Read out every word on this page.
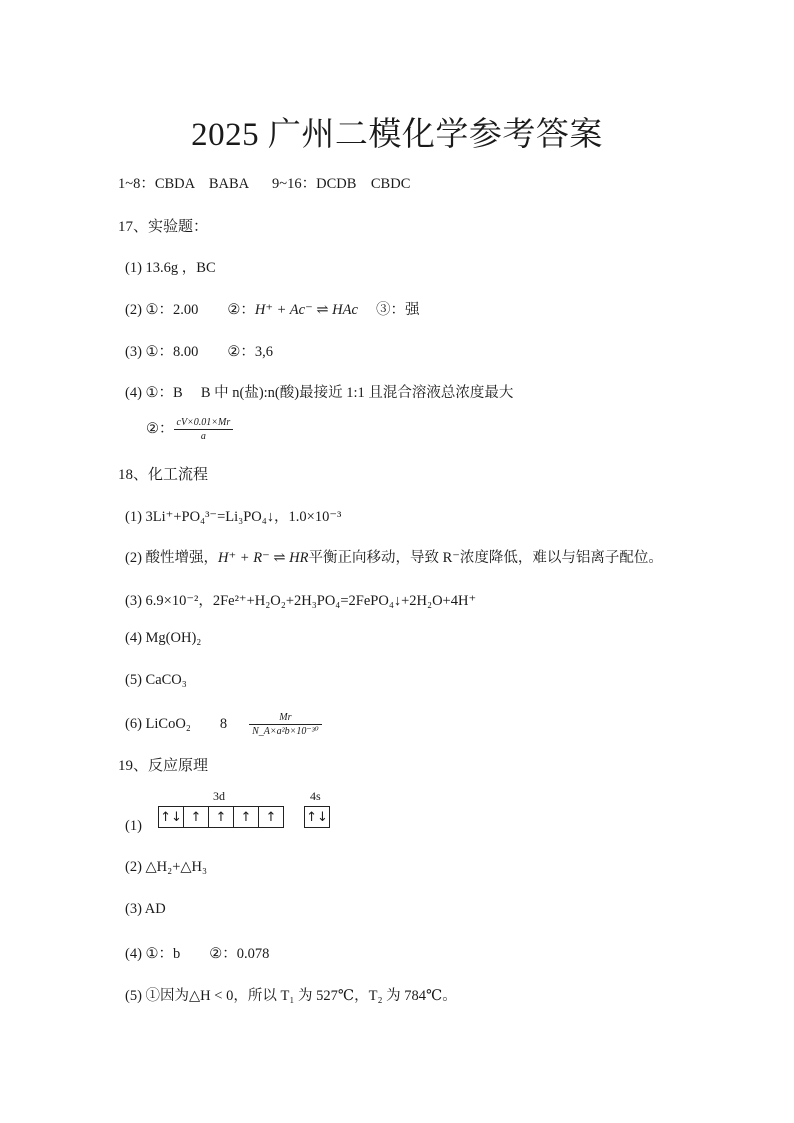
2025 广州二模化学参考答案
1~8：CBDA　BABA 9~16：DCDB　CBDC
17、实验题：
(1) 13.6g ，BC
(2) ①：2.00　　②：H⁺ + Ac⁻ ⇌ HAc　 ③：强
(3) ①：8.00　　②：3,6
(4) ①：B　 B 中 n(盐):n(酸)最接近 1:1 且混合溶液总浓度最大
②： $\frac{cV\times 0.01\times Mr}{a}$
18、化工流程
(1) 3Li⁺+PO₄³⁻=Li₃PO₄↓，1.0×10⁻³
(2) 酸性增强，H⁺ + R⁻ ⇌ HR平衡正向移动，导致 R⁻浓度降低，难以与铝离子配位。
(3) 6.9×10⁻²，2Fe²⁺+H₂O₂+2H₃PO₄=2FePO₄↓+2H₂O+4H⁺
(4) Mg(OH)₂
(5) CaCO₃
(6) LiCoO₂　　$8 \frac{Mr}{\text{N\_A×a²b×10⁻³⁰}}$
19、反应原理
3d	4s
(1)
↑↓ ↑	↑	↑	↑	↑↓
(2) △H₂+△H₃
(3) AD
(4) ①：b　　②：0.078
(5) ①因为△H < 0，所以 T₁ 为 527℃，T₂ 为 784℃。
